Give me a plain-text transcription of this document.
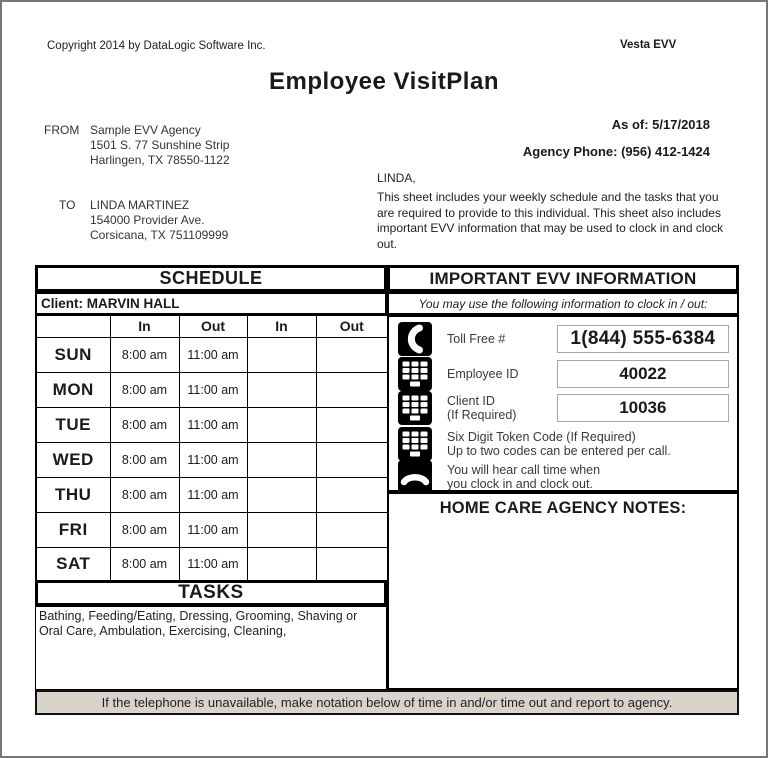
Copyright 2014 by DataLogic Software Inc.	Vesta EVV
Employee VisitPlan
FROM Sample EVV Agency
1501 S. 77 Sunshine Strip
Harlingen, TX 78550-1122
TO LINDA MARTINEZ
154000 Provider Ave.
Corsicana, TX 751109999
As of: 5/17/2018
Agency Phone: (956) 412-1424
LINDA,
This sheet includes your weekly schedule and the tasks that you are required to provide to this individual. This sheet also includes important EVV information that may be used to clock in and clock out.
SCHEDULE
Client: MARVIN HALL
	In	Out	In	Out
SUN	8:00 am	11:00 am		
MON	8:00 am	11:00 am		
TUE	8:00 am	11:00 am		
WED	8:00 am	11:00 am		
THU	8:00 am	11:00 am		
FRI	8:00 am	11:00 am		
SAT	8:00 am	11:00 am		
TASKS
Bathing, Feeding/Eating, Dressing, Grooming, Shaving or Oral Care, Ambulation, Exercising, Cleaning,
IMPORTANT EVV INFORMATION
You may use the following information to clock in / out:
Toll Free #	1(844) 555-6384
Employee ID	40022
Client ID
(If Required)	10036
Six Digit Token Code (If Required)
Up to two codes can be entered per call.
You will hear call time when
you clock in and clock out.
HOME CARE AGENCY NOTES:
If the telephone is unavailable, make notation below of time in and/or time out and report to agency.
